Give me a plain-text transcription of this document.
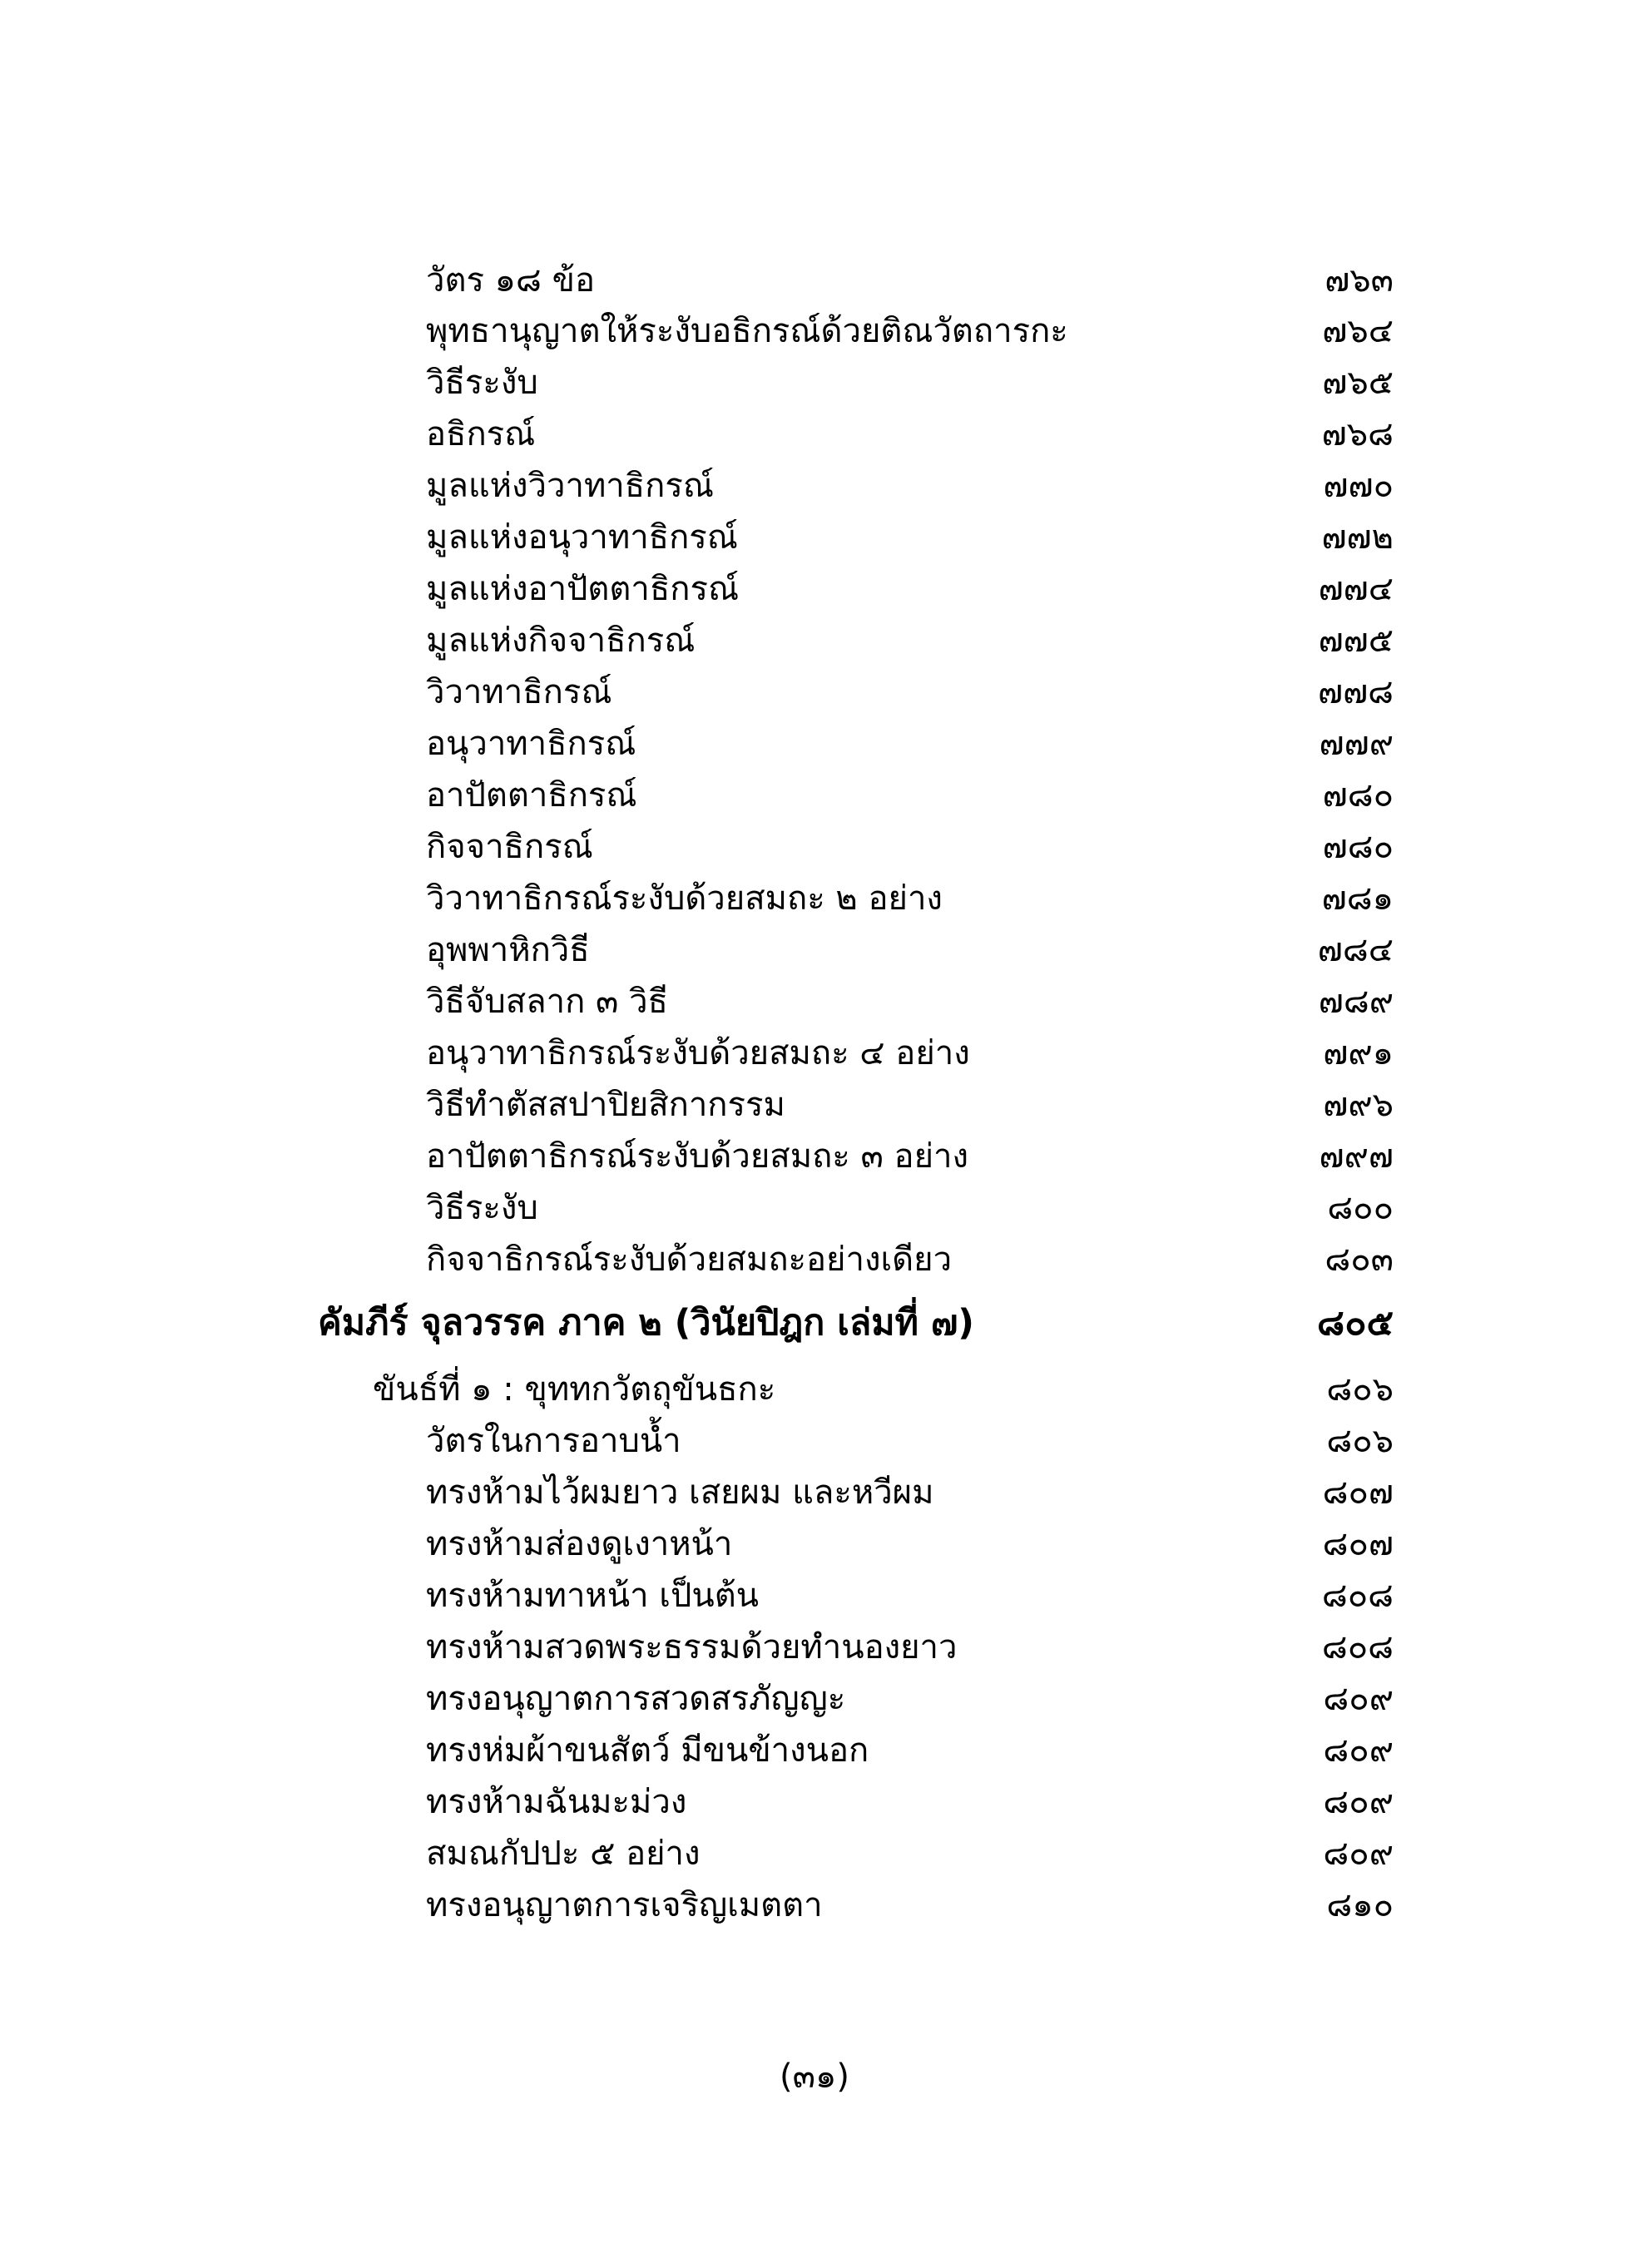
วัตร ๑๘ ข้อ	๗๖๓
พุทธานุญาตให้ระงับอธิกรณ์ด้วยติณวัตถารกะ	๗๖๔
วิธีระงับ	๗๖๕
อธิกรณ์	๗๖๘
มูลแห่งวิวาทาธิกรณ์	๗๗๐
มูลแห่งอนุวาทาธิกรณ์	๗๗๒
มูลแห่งอาปัตตาธิกรณ์	๗๗๔
มูลแห่งกิจจาธิกรณ์	๗๗๕
วิวาทาธิกรณ์	๗๗๘
อนุวาทาธิกรณ์	๗๗๙
อาปัตตาธิกรณ์	๗๘๐
กิจจาธิกรณ์	๗๘๐
วิวาทาธิกรณ์ระงับด้วยสมถะ ๒ อย่าง	๗๘๑
อุพพาหิกวิธี	๗๘๔
วิธีจับสลาก ๓ วิธี	๗๘๙
อนุวาทาธิกรณ์ระงับด้วยสมถะ ๔ อย่าง	๗๙๑
วิธีทำตัสสปาปิยสิกากรรม	๗๙๖
อาปัตตาธิกรณ์ระงับด้วยสมถะ ๓ อย่าง	๗๙๗
วิธีระงับ	๘๐๐
กิจจาธิกรณ์ระงับด้วยสมถะอย่างเดียว	๘๐๓
คัมภีร์ จุลวรรค ภาค ๒ (วินัยปิฎก เล่มที่ ๗)	๘๐๕
ขันธ์ที่ ๑ : ขุททกวัตถุขันธกะ	๘๐๖
วัตรในการอาบน้ำ	๘๐๖
ทรงห้ามไว้ผมยาว เสยผม และหวีผม	๘๐๗
ทรงห้ามส่องดูเงาหน้า	๘๐๗
ทรงห้ามทาหน้า เป็นต้น	๘๐๘
ทรงห้ามสวดพระธรรมด้วยทำนองยาว	๘๐๘
ทรงอนุญาตการสวดสรภัญญะ	๘๐๙
ทรงห่มผ้าขนสัตว์ มีขนข้างนอก	๘๐๙
ทรงห้ามฉันมะม่วง	๘๐๙
สมณกัปปะ ๕ อย่าง	๘๐๙
ทรงอนุญาตการเจริญเมตตา	๘๑๐
(๓๑)
